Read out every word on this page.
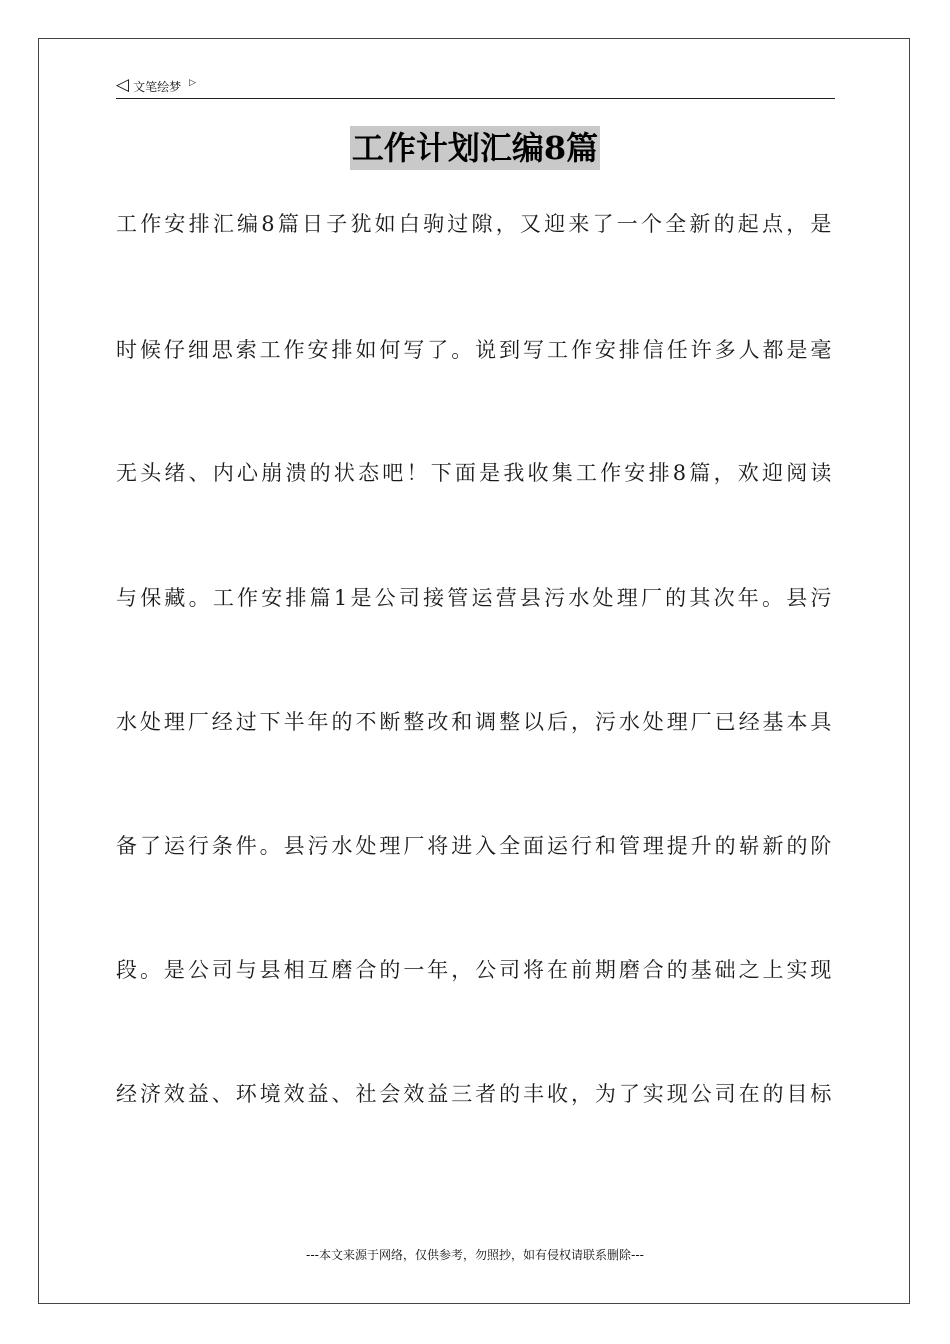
◁ 文笔绘梦 ▷
工作计划汇编8篇
工作安排汇编8篇日子犹如白驹过隙，又迎来了一个全新的起点，是
时候仔细思索工作安排如何写了。说到写工作安排信任许多人都是毫
无头绪、内心崩溃的状态吧！下面是我收集工作安排8篇，欢迎阅读
与保藏。工作安排篇1是公司接管运营县污水处理厂的其次年。县污
水处理厂经过下半年的不断整改和调整以后，污水处理厂已经基本具
备了运行条件。县污水处理厂将进入全面运行和管理提升的崭新的阶
段。是公司与县相互磨合的一年，公司将在前期磨合的基础之上实现
经济效益、环境效益、社会效益三者的丰收，为了实现公司在的目标
---本文来源于网络，仅供参考，勿照抄，如有侵权请联系删除---
